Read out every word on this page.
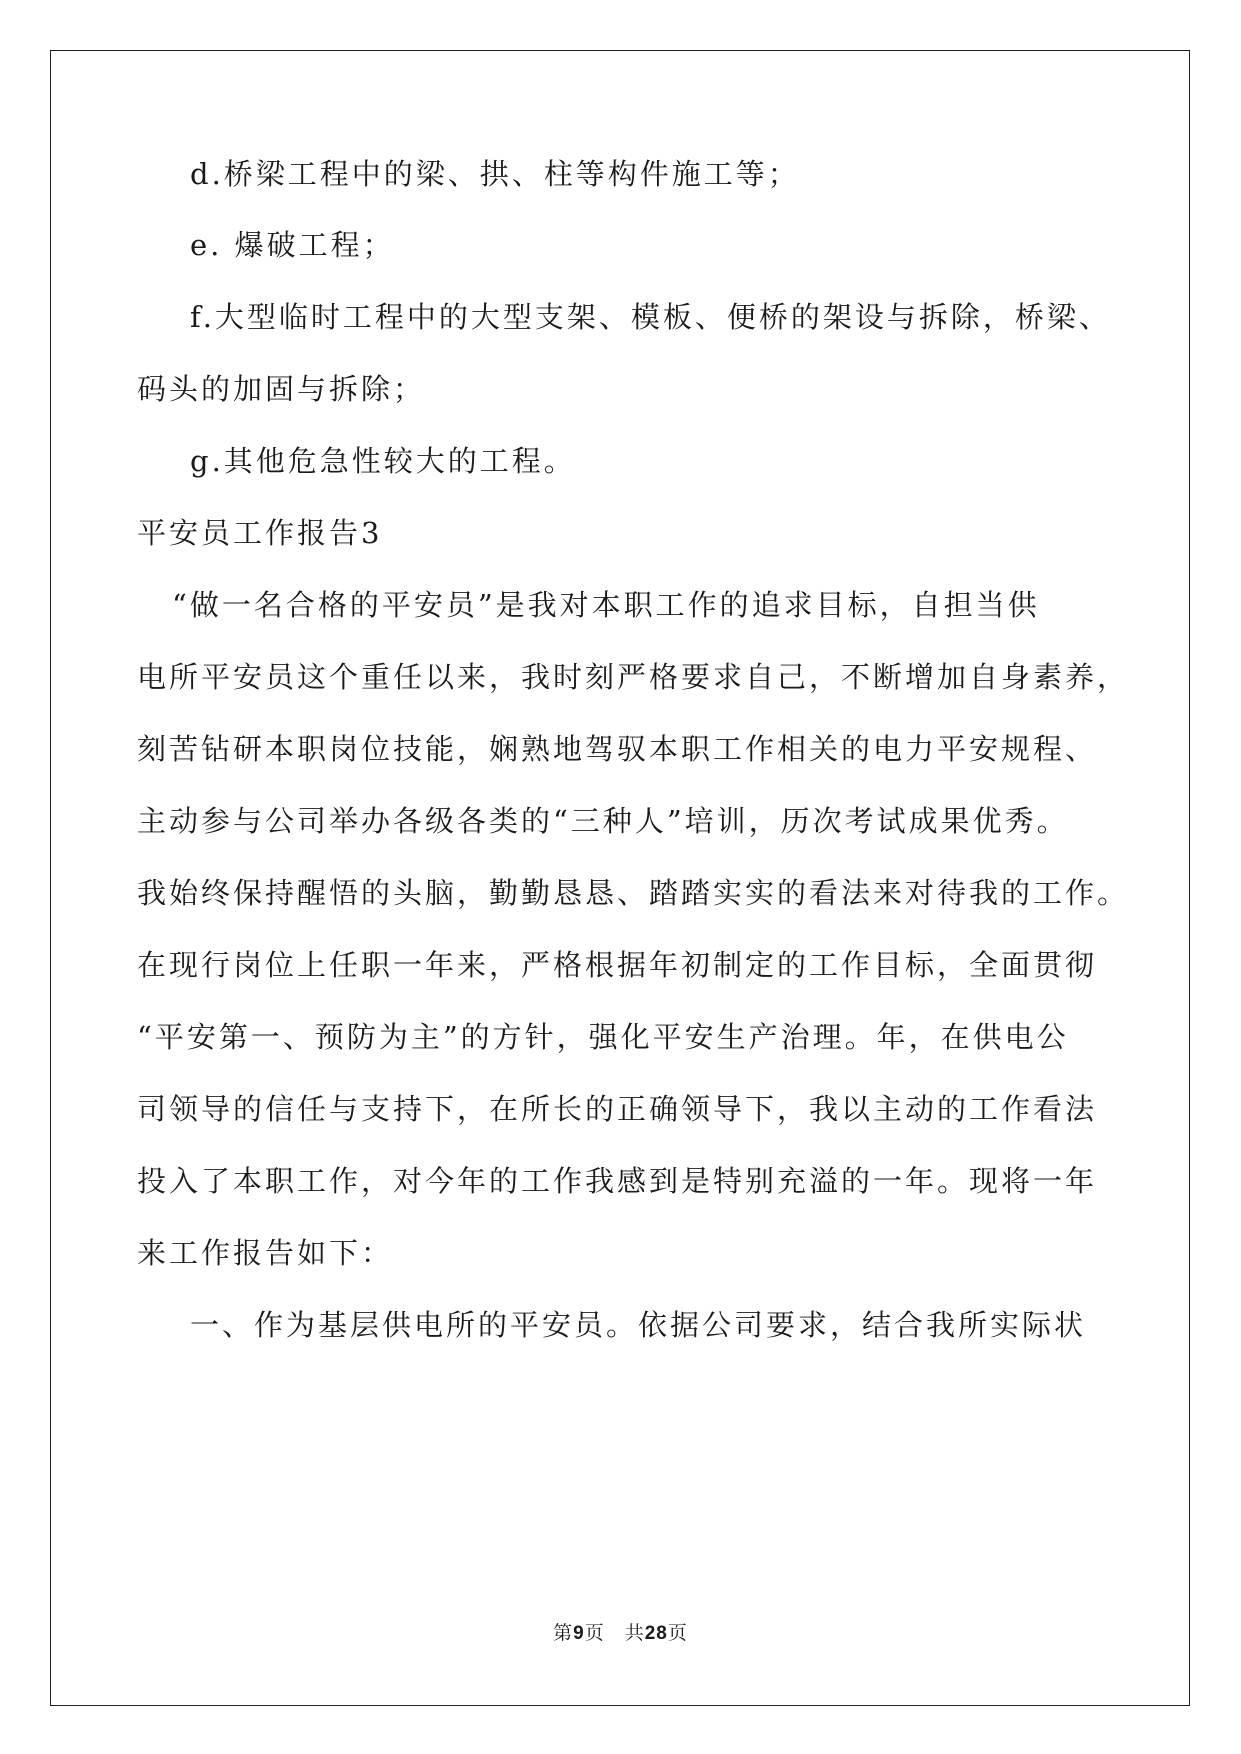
d.桥梁工程中的梁、拱、柱等构件施工等；
e. 爆破工程；
f.大型临时工程中的大型支架、模板、便桥的架设与拆除，桥梁、
码头的加固与拆除；
g.其他危急性较大的工程。
平安员工作报告3
“做一名合格的平安员”是我对本职工作的追求目标，自担当供
电所平安员这个重任以来，我时刻严格要求自己，不断增加自身素养，
刻苦钻研本职岗位技能，娴熟地驾驭本职工作相关的电力平安规程、
主动参与公司举办各级各类的“三种人”培训，历次考试成果优秀。
我始终保持醒悟的头脑，勤勤恳恳、踏踏实实的看法来对待我的工作。
在现行岗位上任职一年来，严格根据年初制定的工作目标，全面贯彻
“平安第一、预防为主”的方针，强化平安生产治理。年，在供电公
司领导的信任与支持下，在所长的正确领导下，我以主动的工作看法
投入了本职工作，对今年的工作我感到是特别充溢的一年。现将一年
来工作报告如下：
一、作为基层供电所的平安员。依据公司要求，结合我所实际状
第9页 共28页
